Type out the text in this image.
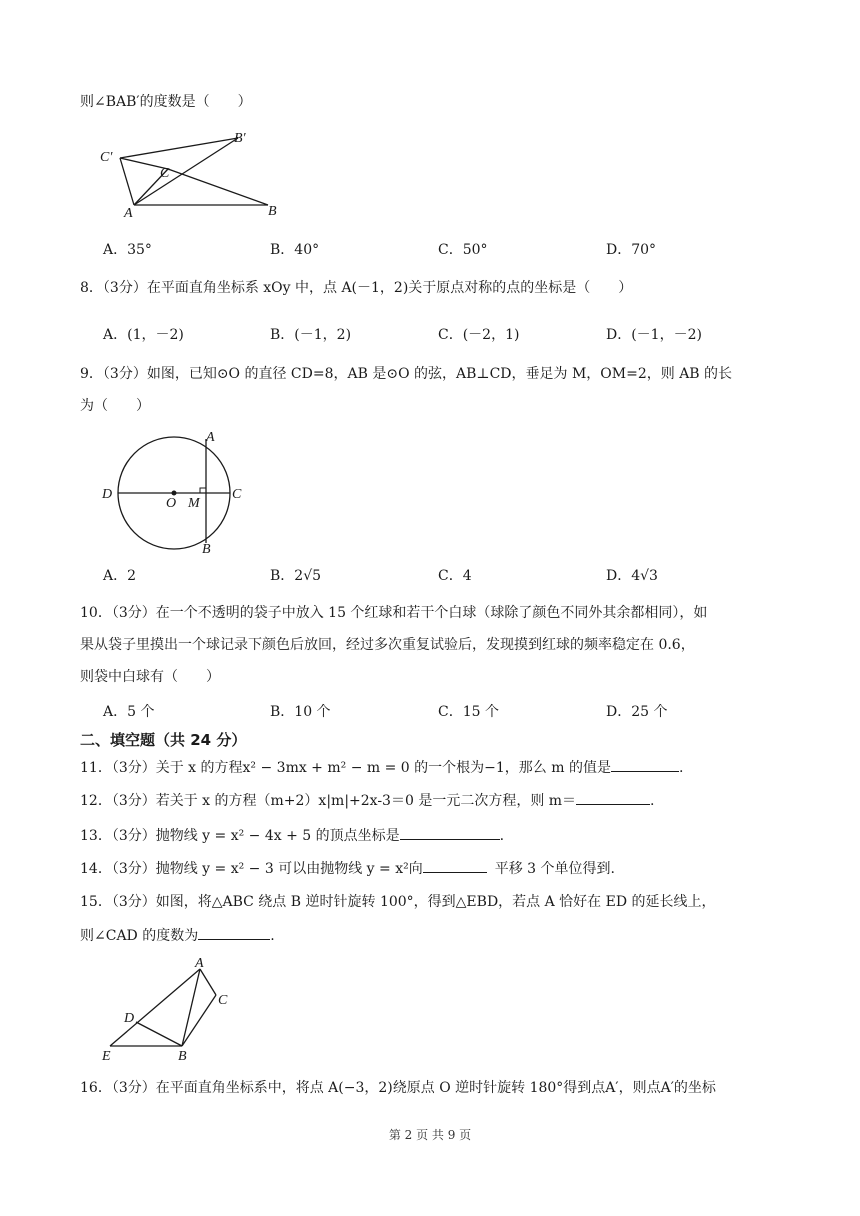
则∠BAB′的度数是（　　）
C′
B′
C
A	B
A．35°	B．40°	C．50°	D．70°
8．（3分）在平面直角坐标系 xOy 中，点 A(－1，2)关于原点对称的点的坐标是（　　）
A．(1，－2)	B．(－1，2)	C．(－2，1)	D．(－1，－2)
9．（3分）如图，已知⊙O 的直径 CD=8，AB 是⊙O 的弦，AB⊥CD，垂足为 M，OM=2，则 AB 的长
为（　　）
A
B
C
D
O M
A．2	B．2√5	C．4	D．4√3
10．（3分）在一个不透明的袋子中放入 15 个红球和若干个白球（球除了颜色不同外其余都相同），如
果从袋子里摸出一个球记录下颜色后放回，经过多次重复试验后，发现摸到红球的频率稳定在 0.6，
则袋中白球有（　　）
A．5 个	B．10 个	C．15 个	D．25 个
二、填空题（共 24 分）
11．（3分）关于 x 的方程x² − 3mx + m² − m = 0 的一个根为−1，那么 m 的值是	.
12．（3分）若关于 x 的方程（m+2）x|m|+2x-3＝0 是一元二次方程，则 m＝	.
13．（3分）抛物线 y = x² − 4x + 5 的顶点坐标是	.
14．（3分）抛物线 y = x² − 3 可以由抛物线 y = x²向	平移 3 个单位得到.
15．（3分）如图，将△ABC 绕点 B 逆时针旋转 100°，得到△EBD，若点 A 恰好在 ED 的延长线上，
则∠CAD 的度数为	.
A
C
D
E	B
16．（3分）在平面直角坐标系中，将点 A(−3，2)绕原点 O 逆时针旋转 180°得到点A′，则点A′的坐标
第 2 页 共 9 页
